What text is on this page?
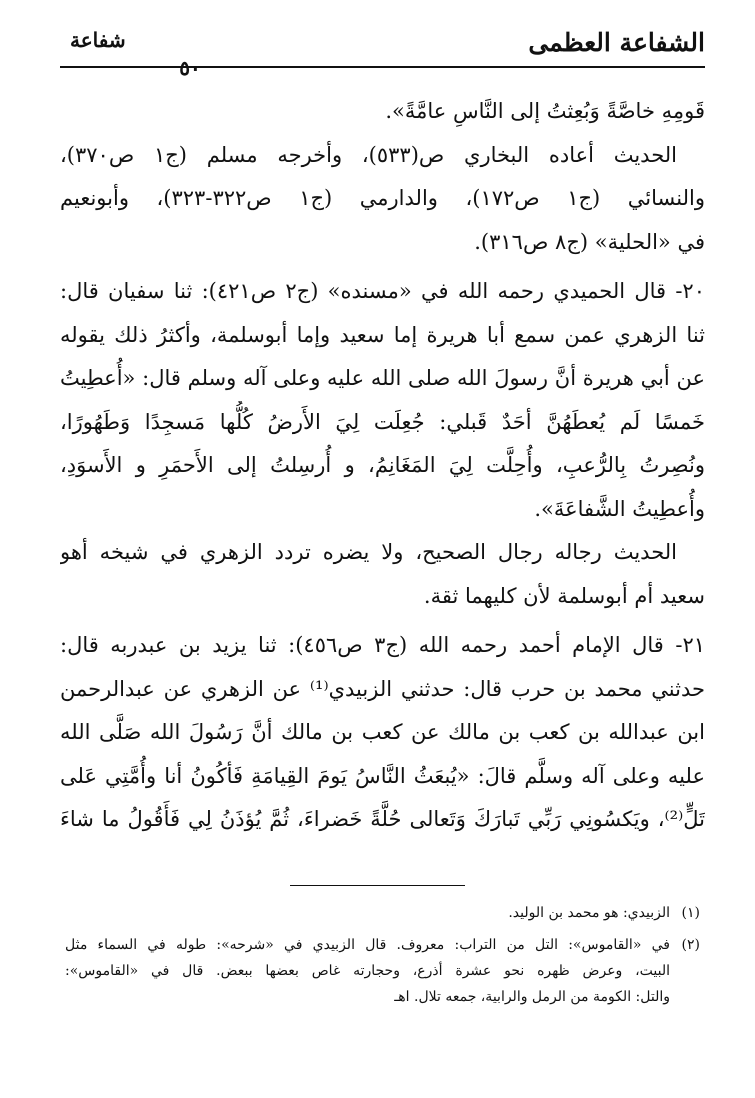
الشفاعة العظمى
شفاعة
٥٠
قَومِهِ خاصَّةً وَبُعِثتُ إلى النَّاسِ عامَّةً».
الحديث أعاده البخاري ص(٥٣٣)، وأخرجه مسلم (ج١ ص٣٧٠)،
والنسائي (ج١ ص١٧٢)، والدارمي (ج١ ص٣٢٢-٣٢٣)، وأبونعيم
في «الحلية» (ج٨ ص٣١٦).
٢٠- قال الحميدي رحمه الله في «مسنده» (ج٢ ص٤٢١): ثنا سفيان قال:
ثنا الزهري عمن سمع أبا هريرة إما سعيد وإما أبوسلمة، وأكثرُ ذلك يقوله
عن أبي هريرة أنَّ رسولَ الله صلى الله عليه وعلى آله وسلم قال: «أُعطِيتُ
خَمسًا لَم يُعطَهُنَّ أحَدٌ قَبلي: جُعِلَت لِيَ الأَرضُ كُلُّها مَسجِدًا وَطَهُورًا،
ونُصِرتُ بِالرُّعبِ، وأُحِلَّت لِيَ المَغَانِمُ، و أُرسِلتُ إلى الأَحمَرِ و الأَسوَدِ،
وأُعطِيتُ الشَّفاعَةَ».
الحديث رجاله رجال الصحيح، ولا يضره تردد الزهري في شيخه أهو
سعيد أم أبوسلمة لأن كليهما ثقة.
٢١- قال الإمام أحمد رحمه الله (ج٣ ص٤٥٦): ثنا يزيد بن عبدربه قال:
حدثني محمد بن حرب قال: حدثني الزبيدي⁽¹⁾ عن الزهري عن عبدالرحمن
ابن عبدالله بن كعب بن مالك عن كعب بن مالك أنَّ رَسُولَ الله صَلَّى الله
عليه وعلى آله وسلَّم قالَ: «يُبعَثُ النَّاسُ يَومَ القِيامَةِ فَأكُونُ أنا وأُمَّتِي عَلى
تَلٍّ⁽²⁾، ويَكسُونِي رَبِّي تَبارَكَ وَتَعالى حُلَّةً خَضراءَ، ثُمَّ يُؤذَنُ لِي فَأَقُولُ ما شاءَ
(١)الزبيدي: هو محمد بن الوليد.
(٢)في «القاموس»: التل من التراب: معروف. قال الزبيدي في «شرحه»: طوله في السماء مثل
البيت، وعرض ظهره نحو عشرة أذرع، وحجارته غاص بعضها ببعض. قال في «القاموس»:
والتل: الكومة من الرمل والرابية، جمعه تلال. اهـ
